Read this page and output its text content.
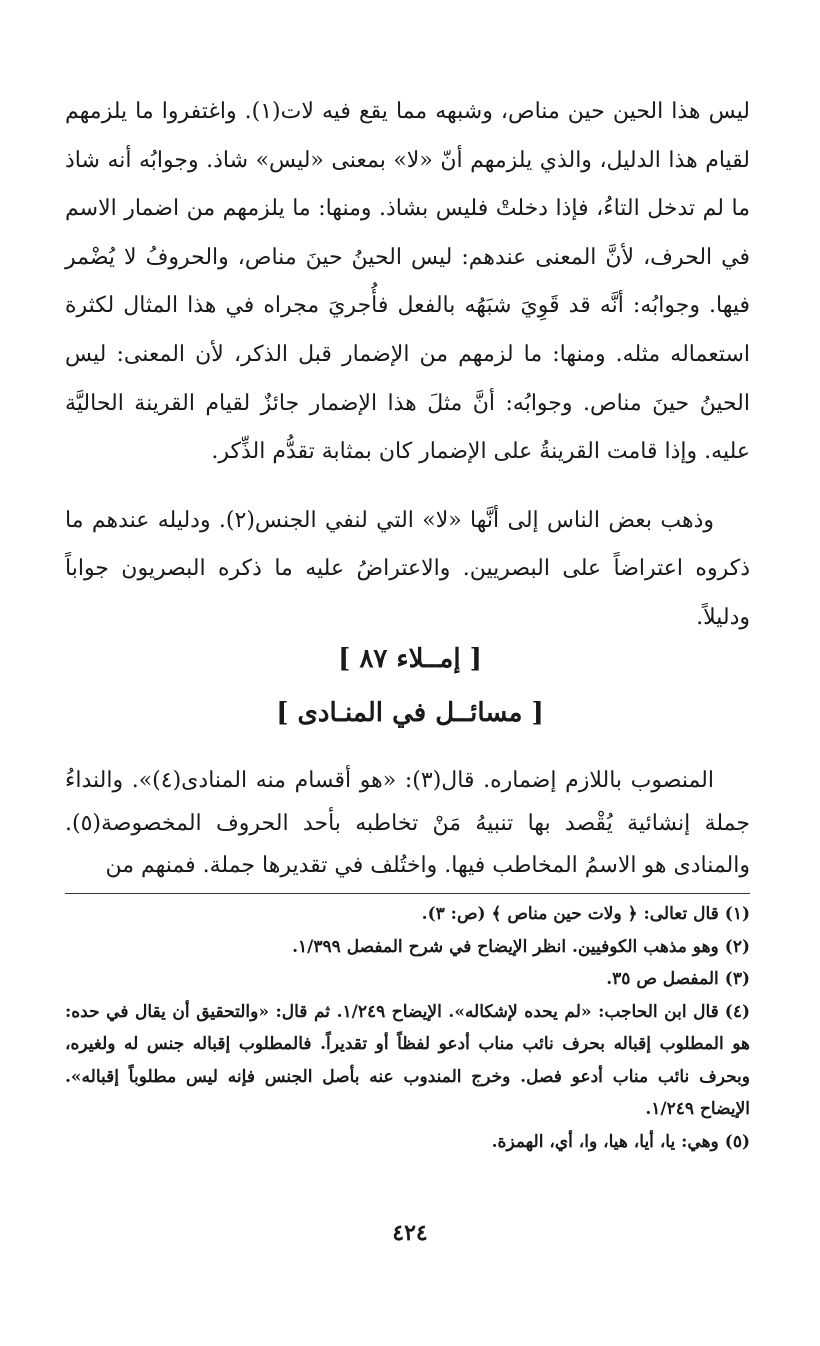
ليس هذا الحين حين مناص، وشبهه مما يقع فيه لات(١). واغتفروا ما يلزمهم لقيام هذا الدليل، والذي يلزمهم أنّ «لا» بمعنى «ليس» شاذ. وجوابُه أنه شاذ ما لم تدخل التاءُ، فإذا دخلتْ فليس بشاذ. ومنها: ما يلزمهم من اضمار الاسم في الحرف، لأنَّ المعنى عندهم: ليس الحينُ حينَ مناص، والحروفُ لا يُضْمر فيها. وجوابُه: أنَّه قد قَوِيَ شبَهُه بالفعل فأُجريَ مجراه في هذا المثال لكثرة استعماله مثله. ومنها: ما لزمهم من الإضمار قبل الذكر، لأن المعنى: ليس الحينُ حينَ مناص. وجوابُه: أنَّ مثلَ هذا الإضمار جائزٌ لقيام القرينة الحاليَّة عليه. وإذا قامت القرينةُ على الإضمار كان بمثابة تقدُّم الذِّكر.

وذهب بعض الناس إلى أنَّها «لا» التي لنفي الجنس(٢). ودليله عندهم ما ذكروه اعتراضاً على البصريين. والاعتراضُ عليه ما ذكره البصريون جواباً ودليلاً.

[ إمــلاء ٨٧ ]
[ مسائــل في المنـادى ]

المنصوب باللازم إضماره. قال(٣): «هو أقسام منه المنادى(٤)». والنداءُ جملة إنشائية يُقْصد بها تنبيهُ مَنْ تخاطبه بأحد الحروف المخصوصة(٥). والمنادى هو الاسمُ المخاطب فيها. واختُلف في تقديرها جملة. فمنهم من

(١)قال تعالى: ﴿ ولات حين مناص ﴾ (ص: ٣).

(٢)وهو مذهب الكوفيين. انظر الإيضاح في شرح المفصل ١/٣٩٩.

(٣)المفصل ص ٣٥.

(٤)قال ابن الحاجب: «لم يحده لإشكاله». الإيضاح ١/٢٤٩. ثم قال: «والتحقيق أن يقال في حده: هو المطلوب إقباله بحرف نائب مناب أدعو لفظاً أو تقديراً. فالمطلوب إقباله جنس له ولغيره، وبحرف نائب مناب أدعو فصل. وخرج المندوب عنه بأصل الجنس فإنه ليس مطلوباً إقباله». الإيضاح ١/٢٤٩.

(٥)وهي: يا، أيا، هيا، وا، أي، الهمزة.

٤٢٤
